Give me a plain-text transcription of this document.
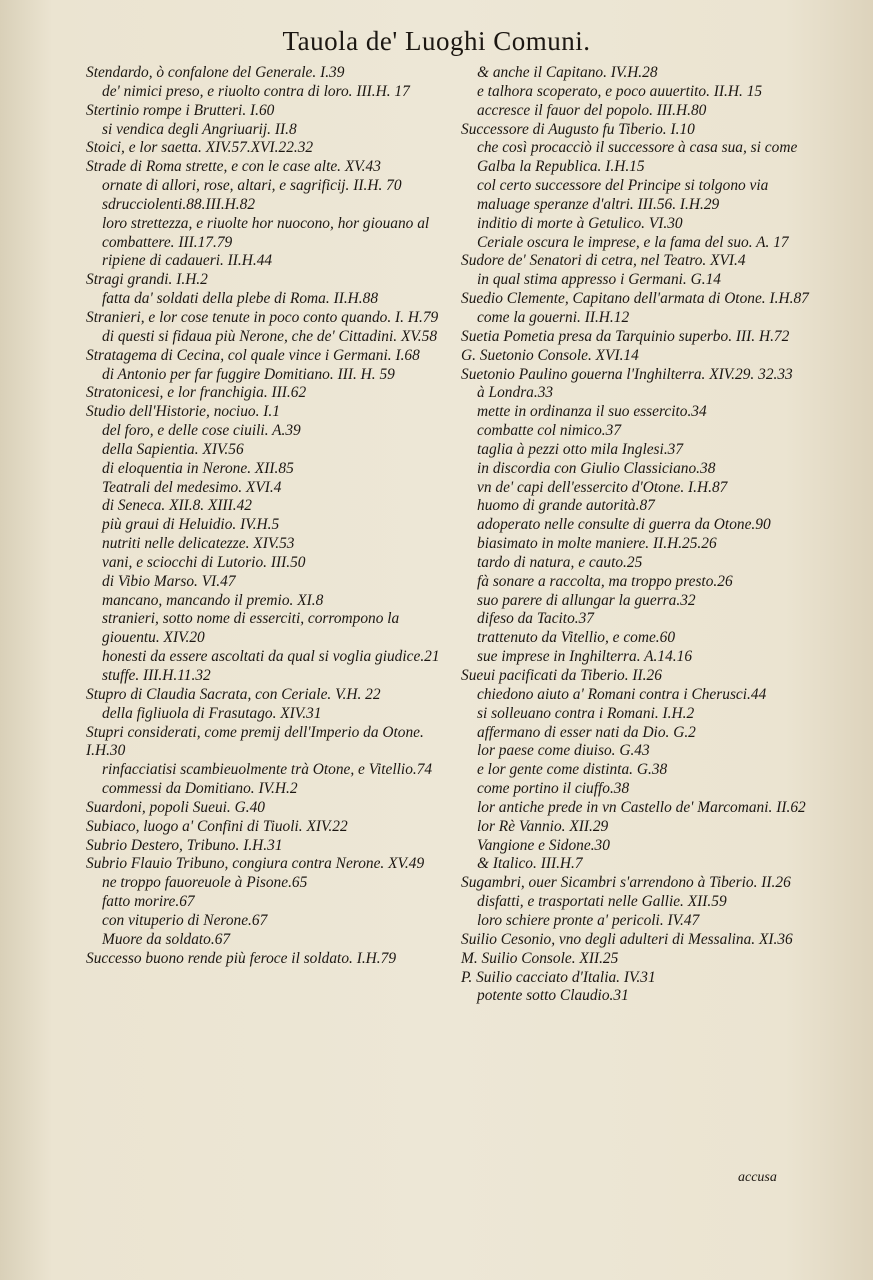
Tauola de' Luoghi Comuni.

Stendardo, ò confalone del Generale. I.39

de' nimici preso, e riuolto contra di loro. III.H. 17

Stertinio rompe i Brutteri. I.60

si vendica degli Angriuarij. II.8

Stoici, e lor saetta. XIV.57.XVI.22.32

Strade di Roma strette, e con le case alte. XV.43

ornate di allori, rose, altari, e sagrificij. II.H. 70

sdrucciolenti.88.III.H.82

loro strettezza, e riuolte hor nuocono, hor giouano al combattere. III.17.79

ripiene di cadaueri. II.H.44

Stragi grandi. I.H.2

fatta da' soldati della plebe di Roma. II.H.88

Stranieri, e lor cose tenute in poco conto quando. I. H.79

di questi si fidaua più Nerone, che de' Cittadini. XV.58

Stratagema di Cecina, col quale vince i Germani. I.68

di Antonio per far fuggire Domitiano. III. H. 59

Stratonicesi, e lor franchigia. III.62

Studio dell'Historie, nociuo. I.1

del foro, e delle cose ciuili. A.39

della Sapientia. XIV.56

di eloquentia in Nerone. XII.85

Teatrali del medesimo. XVI.4

di Seneca. XII.8. XIII.42

più graui di Heluidio. IV.H.5

nutriti nelle delicatezze. XIV.53

vani, e sciocchi di Lutorio. III.50

di Vibio Marso. VI.47

mancano, mancando il premio. XI.8

stranieri, sotto nome di esserciti, corrompono la giouentu. XIV.20

honesti da essere ascoltati da qual si voglia giudice.21

stuffe. III.H.11.32

Stupro di Claudia Sacrata, con Ceriale. V.H. 22

della figliuola di Frasutago. XIV.31

Stupri considerati, come premij dell'Imperio da Otone. I.H.30

rinfacciatisi scambieuolmente trà Otone, e Vitellio.74

commessi da Domitiano. IV.H.2

Suardoni, popoli Sueui. G.40

Subiaco, luogo a' Confini di Tiuoli. XIV.22

Subrio Destero, Tribuno. I.H.31

Subrio Flauio Tribuno, congiura contra Nerone. XV.49

ne troppo fauoreuole à Pisone.65

fatto morire.67

con vituperio di Nerone.67

Muore da soldato.67

Successo buono rende più feroce il soldato. I.H.79

& anche il Capitano. IV.H.28

e talhora scoperato, e poco auuertito. II.H. 15

accresce il fauor del popolo. III.H.80

Successore di Augusto fu Tiberio. I.10

che così procacciò il successore à casa sua, si come Galba la Republica. I.H.15

col certo successore del Principe si tolgono via maluage speranze d'altri. III.56. I.H.29

inditio di morte à Getulico. VI.30

Ceriale oscura le imprese, e la fama del suo. A. 17

Sudore de' Senatori di cetra, nel Teatro. XVI.4

in qual stima appresso i Germani. G.14

Suedio Clemente, Capitano dell'armata di Otone. I.H.87

come la gouerni. II.H.12

Suetia Pometia presa da Tarquinio superbo. III. H.72

G. Suetonio Console. XVI.14

Suetonio Paulino gouerna l'Inghilterra. XIV.29. 32.33

à Londra.33

mette in ordinanza il suo essercito.34

combatte col nimico.37

taglia à pezzi otto mila Inglesi.37

in discordia con Giulio Classiciano.38

vn de' capi dell'essercito d'Otone. I.H.87

huomo di grande autorità.87

adoperato nelle consulte di guerra da Otone.90

biasimato in molte maniere. II.H.25.26

tardo di natura, e cauto.25

fà sonare a raccolta, ma troppo presto.26

suo parere di allungar la guerra.32

difeso da Tacito.37

trattenuto da Vitellio, e come.60

sue imprese in Inghilterra. A.14.16

Sueui pacificati da Tiberio. II.26

chiedono aiuto a' Romani contra i Cherusci.44

si solleuano contra i Romani. I.H.2

affermano di esser nati da Dio. G.2

lor paese come diuiso. G.43

e lor gente come distinta. G.38

come portino il ciuffo.38

lor antiche prede in vn Castello de' Marcomani. II.62

lor Rè Vannio. XII.29

Vangione e Sidone.30

& Italico. III.H.7

Sugambri, ouer Sicambri s'arrendono à Tiberio. II.26

disfatti, e trasportati nelle Gallie. XII.59

loro schiere pronte a' pericoli. IV.47

Suilio Cesonio, vno degli adulteri di Messalina. XI.36

M. Suilio Console. XII.25

P. Suilio cacciato d'Italia. IV.31

potente sotto Claudio.31

accusa
